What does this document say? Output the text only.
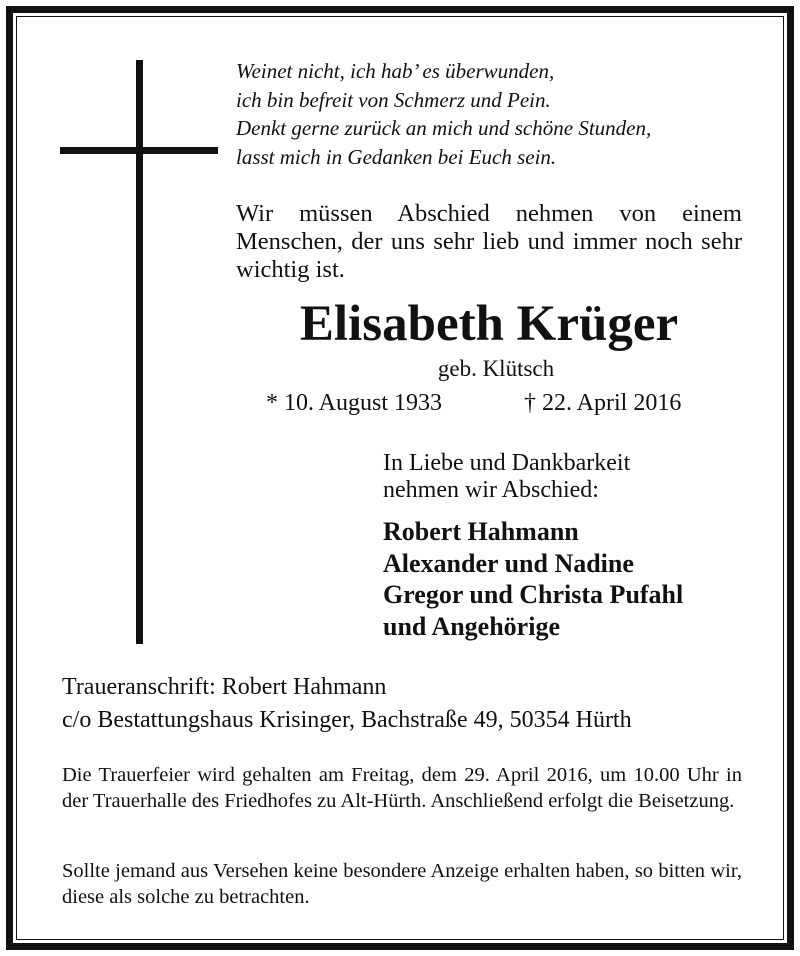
Weinet nicht, ich hab’ es überwunden,
ich bin befreit von Schmerz und Pein.
Denkt gerne zurück an mich und schöne Stunden,
lasst mich in Gedanken bei Euch sein.
Wir müssen Abschied nehmen von einem Menschen, der uns sehr lieb und immer noch sehr wichtig ist.
Elisabeth Krüger
geb. Klütsch
* 10. August 1933	† 22. April 2016
In Liebe und Dankbarkeit
nehmen wir Abschied:
Robert Hahmann
Alexander und Nadine
Gregor und Christa Pufahl
und Angehörige
Traueranschrift: Robert Hahmann
c/o Bestattungshaus Krisinger, Bachstraße 49, 50354 Hürth
Die Trauerfeier wird gehalten am Freitag, dem 29. April 2016, um 10.00 Uhr in der Trauerhalle des Friedhofes zu Alt-Hürth. Anschließend erfolgt die Beisetzung.
Sollte jemand aus Versehen keine besondere Anzeige erhalten haben, so bitten wir, diese als solche zu betrachten.
